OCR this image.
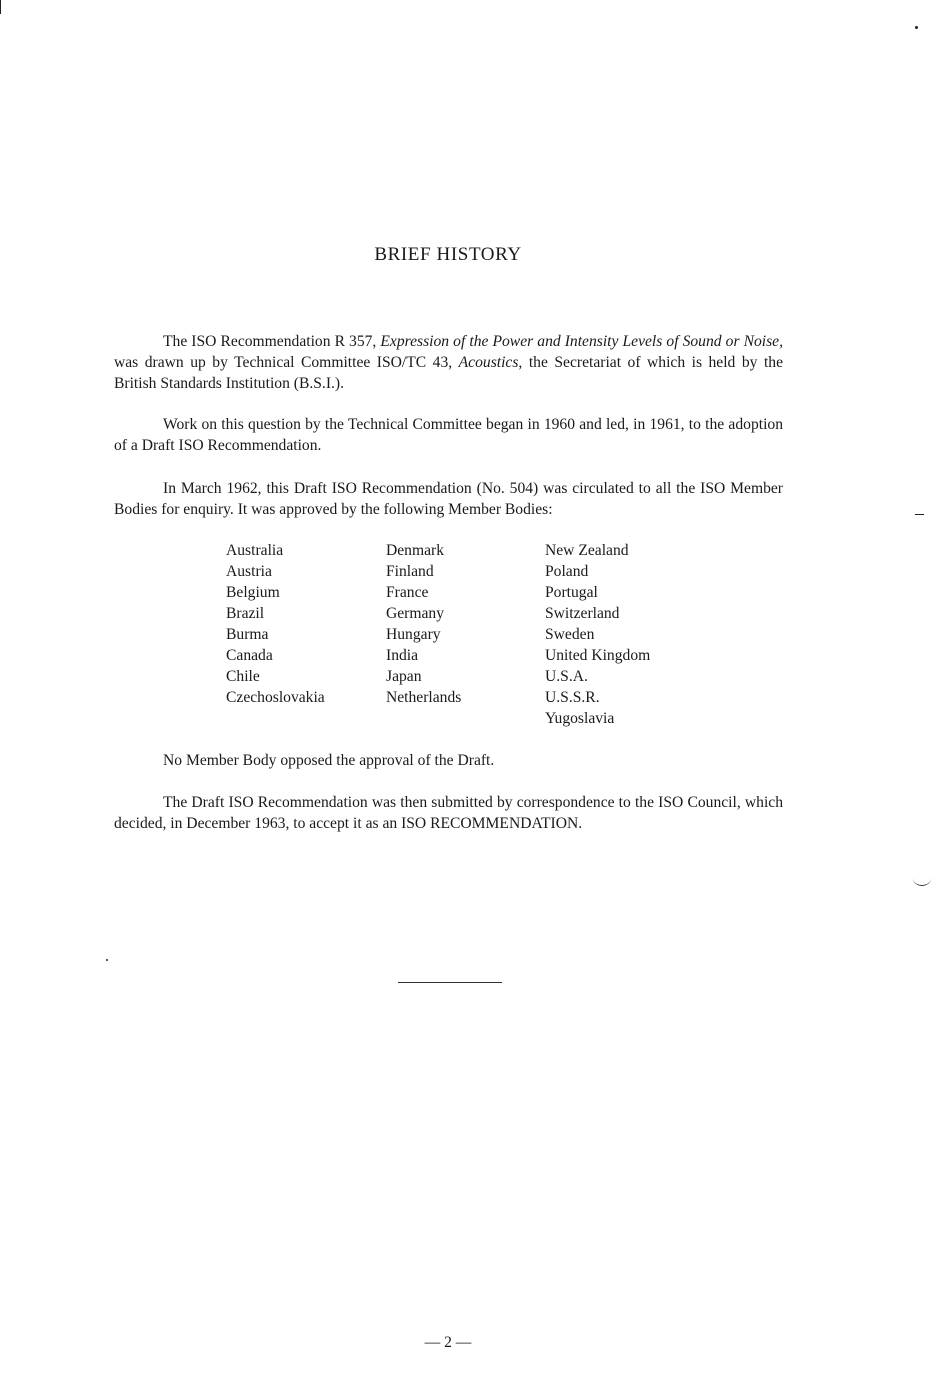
BRIEF HISTORY

The ISO Recommendation R 357, Expression of the Power and Intensity Levels of Sound or Noise, was drawn up by Technical Committee ISO/TC 43, Acoustics, the Secretariat of which is held by the British Standards Institution (B.S.I.).

Work on this question by the Technical Committee began in 1960 and led, in 1961, to the adoption of a Draft ISO Recommendation.

In March 1962, this Draft ISO Recommendation (No. 504) was circulated to all the ISO Member Bodies for enquiry. It was approved by the following Member Bodies:

Australia
Austria
Belgium
Brazil
Burma
Canada
Chile
Czechoslovakia
Denmark
Finland
France
Germany
Hungary
India
Japan
Netherlands
New Zealand
Poland
Portugal
Switzerland
Sweden
United Kingdom
U.S.A.
U.S.S.R.
Yugoslavia

No Member Body opposed the approval of the Draft.

The Draft ISO Recommendation was then submitted by correspondence to the ISO Council, which decided, in December 1963, to accept it as an ISO RECOMMENDATION.

— 2 —
